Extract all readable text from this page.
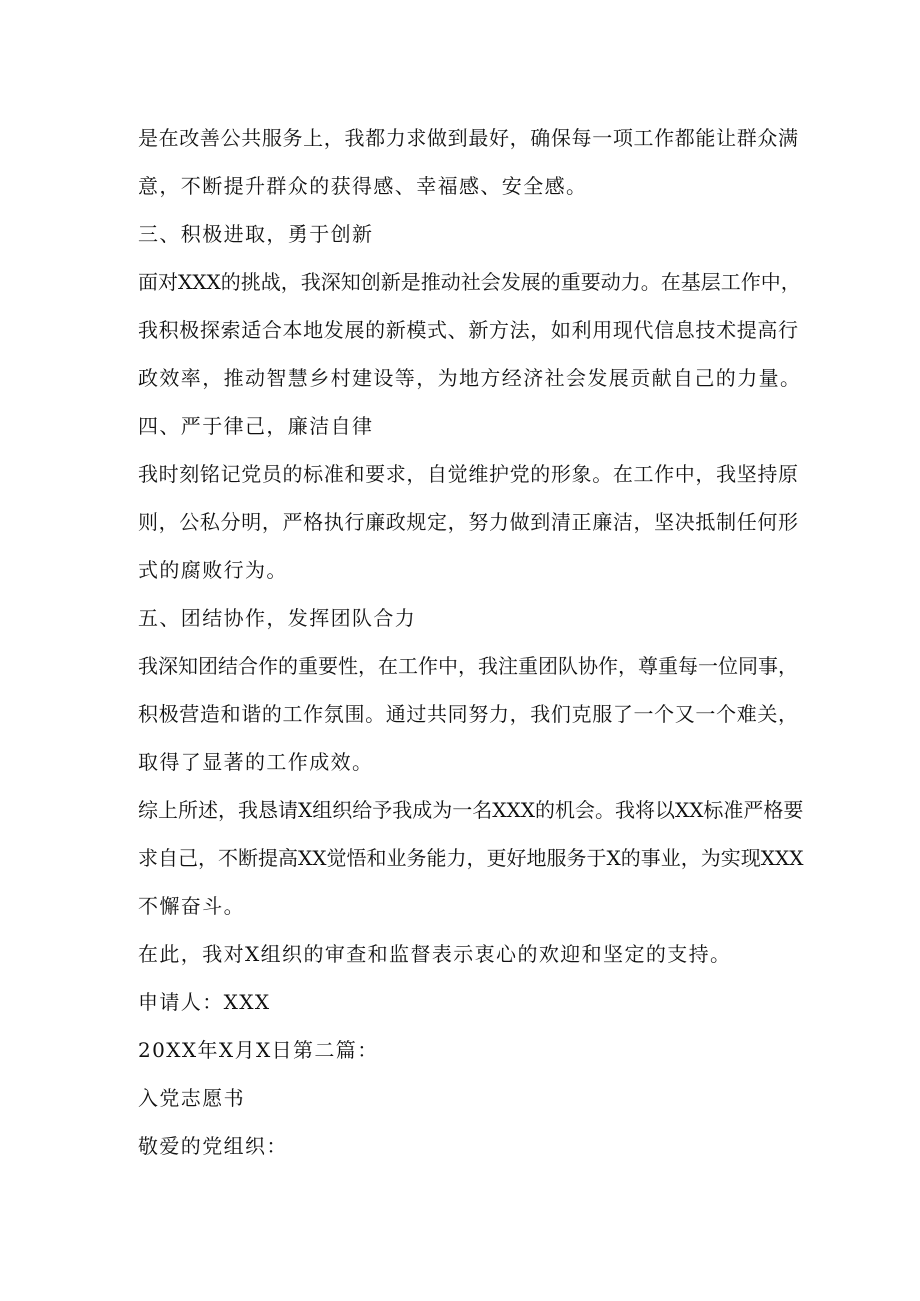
是在改善公共服务上，我都力求做到最好，确保每一项工作都能让群众满
意，不断提升群众的获得感、幸福感、安全感。
三、积极进取，勇于创新
面对XXX的挑战，我深知创新是推动社会发展的重要动力。在基层工作中，
我积极探索适合本地发展的新模式、新方法，如利用现代信息技术提高行
政效率，推动智慧乡村建设等，为地方经济社会发展贡献自己的力量。
四、严于律己，廉洁自律
我时刻铭记党员的标准和要求，自觉维护党的形象。在工作中，我坚持原
则，公私分明，严格执行廉政规定，努力做到清正廉洁，坚决抵制任何形
式的腐败行为。
五、团结协作，发挥团队合力
我深知团结合作的重要性，在工作中，我注重团队协作，尊重每一位同事，
积极营造和谐的工作氛围。通过共同努力，我们克服了一个又一个难关，
取得了显著的工作成效。
综上所述，我恳请X组织给予我成为一名XXX的机会。我将以XX标准严格要
求自己，不断提高XX觉悟和业务能力，更好地服务于X的事业，为实现XXX
不懈奋斗。
在此，我对X组织的审查和监督表示衷心的欢迎和坚定的支持。
申请人：XXX
20XX年X月X日第二篇：
入党志愿书
敬爱的党组织：
